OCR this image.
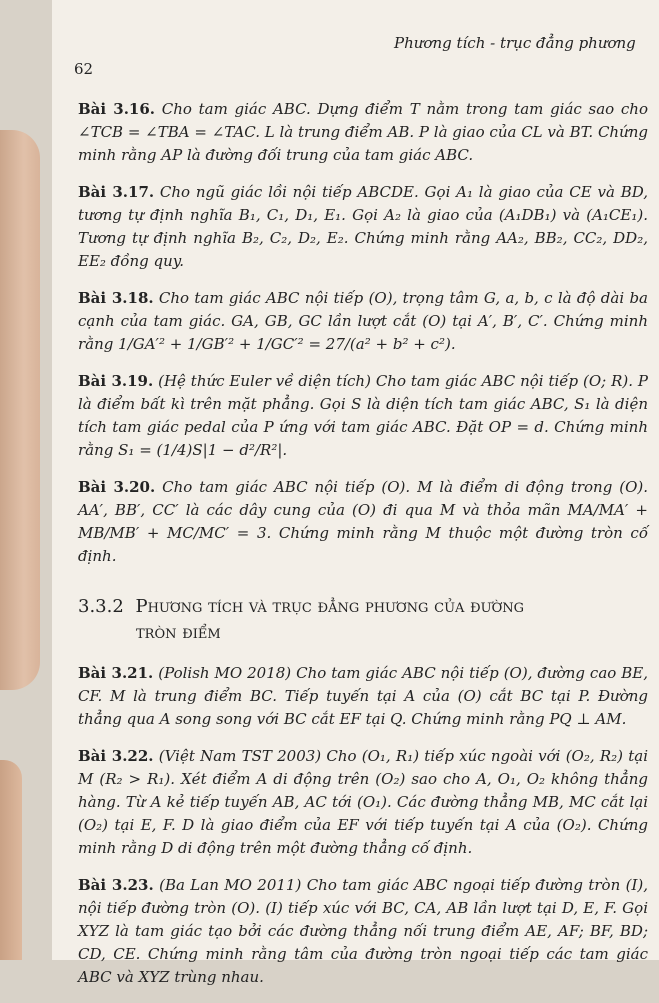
Phương tích - trục đẳng phương
62

Bài 3.16. Cho tam giác ABC. Dựng điểm T nằm trong tam giác sao cho ∠TCB = ∠TBA = ∠TAC. L là trung điểm AB. P là giao của CL và BT. Chứng minh rằng AP là đường đối trung của tam giác ABC.

Bài 3.17. Cho ngũ giác lồi nội tiếp ABCDE. Gọi A₁ là giao của CE và BD, tương tự định nghĩa B₁, C₁, D₁, E₁. Gọi A₂ là giao của (A₁DB₁) và (A₁CE₁). Tương tự định nghĩa B₂, C₂, D₂, E₂. Chứng minh rằng AA₂, BB₂, CC₂, DD₂, EE₂ đồng quy.

Bài 3.18. Cho tam giác ABC nội tiếp (O), trọng tâm G, a, b, c là độ dài ba cạnh của tam giác. GA, GB, GC lần lượt cắt (O) tại A′, B′, C′. Chứng minh rằng 1/GA′² + 1/GB′² + 1/GC′² = 27/(a² + b² + c²).

Bài 3.19. (Hệ thức Euler về diện tích) Cho tam giác ABC nội tiếp (O; R). P là điểm bất kì trên mặt phẳng. Gọi S là diện tích tam giác ABC, S₁ là diện tích tam giác pedal của P ứng với tam giác ABC. Đặt OP = d. Chứng minh rằng S₁ = (1/4)S|1 − d²/R²|.

Bài 3.20. Cho tam giác ABC nội tiếp (O). M là điểm di động trong (O). AA′, BB′, CC′ là các dây cung của (O) đi qua M và thỏa mãn MA/MA′ + MB/MB′ + MC/MC′ = 3. Chứng minh rằng M thuộc một đường tròn cố định.

3.3.2 Phương tích và trục đẳng phương của đường
tròn điểm

Bài 3.21. (Polish MO 2018) Cho tam giác ABC nội tiếp (O), đường cao BE, CF. M là trung điểm BC. Tiếp tuyến tại A của (O) cắt BC tại P. Đường thẳng qua A song song với BC cắt EF tại Q. Chứng minh rằng PQ ⊥ AM.

Bài 3.22. (Việt Nam TST 2003) Cho (O₁, R₁) tiếp xúc ngoài với (O₂, R₂) tại M (R₂ > R₁). Xét điểm A di động trên (O₂) sao cho A, O₁, O₂ không thẳng hàng. Từ A kẻ tiếp tuyến AB, AC tới (O₁). Các đường thẳng MB, MC cắt lại (O₂) tại E, F. D là giao điểm của EF với tiếp tuyến tại A của (O₂). Chứng minh rằng D di động trên một đường thẳng cố định.

Bài 3.23. (Ba Lan MO 2011) Cho tam giác ABC ngoại tiếp đường tròn (I), nội tiếp đường tròn (O). (I) tiếp xúc với BC, CA, AB lần lượt tại D, E, F. Gọi XYZ là tam giác tạo bởi các đường thẳng nối trung điểm AE, AF; BF, BD; CD, CE. Chứng minh rằng tâm của đường tròn ngoại tiếp các tam giác ABC và XYZ trùng nhau.
